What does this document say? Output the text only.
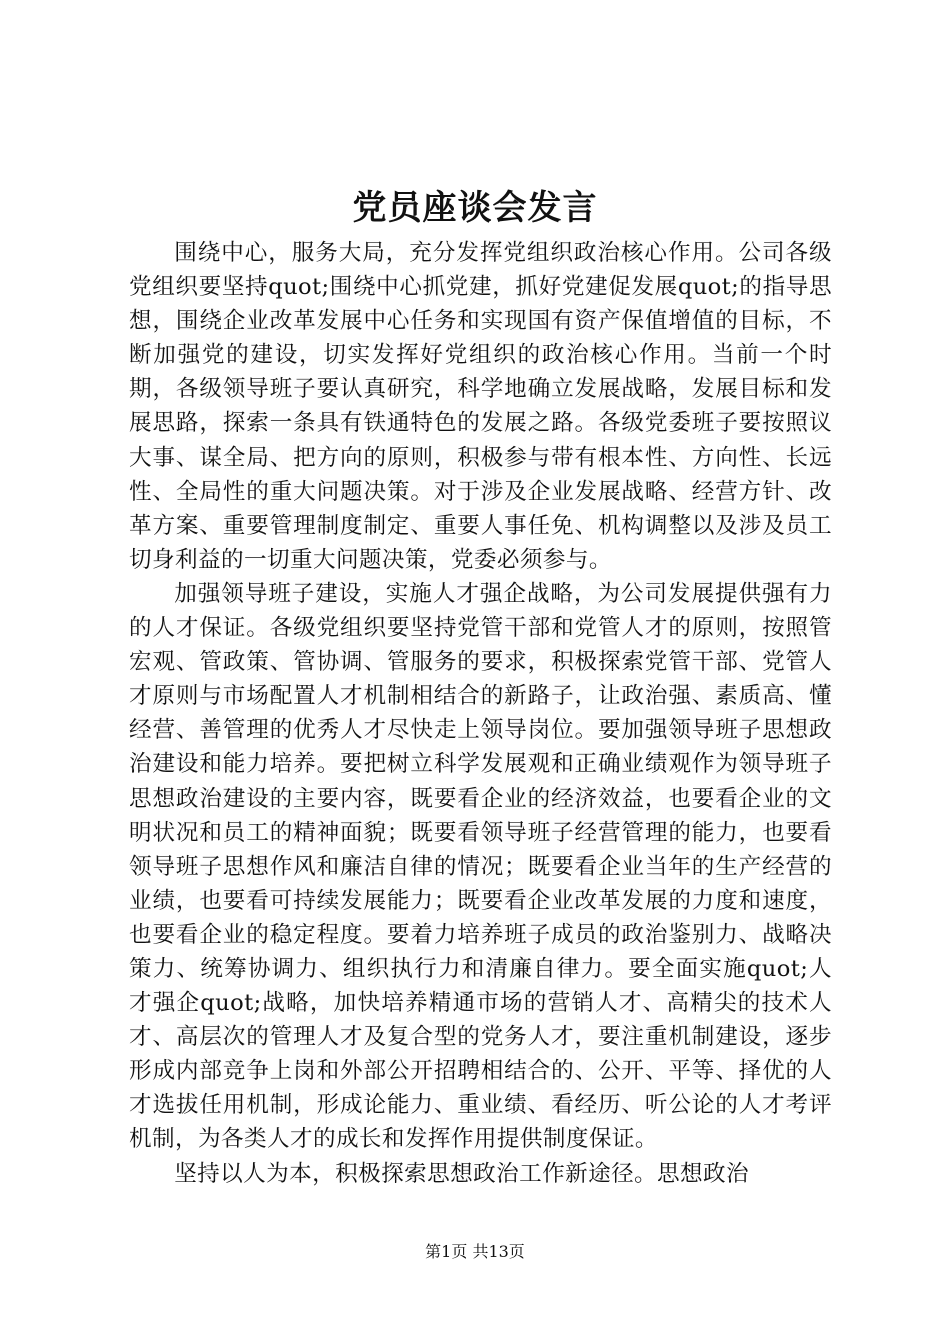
党员座谈会发言

围绕中心，服务大局，充分发挥党组织政治核心作用。公司各级党组织要坚持quot;围绕中心抓党建，抓好党建促发展quot;的指导思想，围绕企业改革发展中心任务和实现国有资产保值增值的目标，不断加强党的建设，切实发挥好党组织的政治核心作用。当前一个时期，各级领导班子要认真研究，科学地确立发展战略，发展目标和发展思路，探索一条具有铁通特色的发展之路。各级党委班子要按照议大事、谋全局、把方向的原则，积极参与带有根本性、方向性、长远性、全局性的重大问题决策。对于涉及企业发展战略、经营方针、改革方案、重要管理制度制定、重要人事任免、机构调整以及涉及员工切身利益的一切重大问题决策，党委必须参与。

加强领导班子建设，实施人才强企战略，为公司发展提供强有力的人才保证。各级党组织要坚持党管干部和党管人才的原则，按照管宏观、管政策、管协调、管服务的要求，积极探索党管干部、党管人才原则与市场配置人才机制相结合的新路子，让政治强、素质高、懂经营、善管理的优秀人才尽快走上领导岗位。要加强领导班子思想政治建设和能力培养。要把树立科学发展观和正确业绩观作为领导班子思想政治建设的主要内容，既要看企业的经济效益，也要看企业的文明状况和员工的精神面貌；既要看领导班子经营管理的能力，也要看领导班子思想作风和廉洁自律的情况；既要看企业当年的生产经营的业绩，也要看可持续发展能力；既要看企业改革发展的力度和速度，也要看企业的稳定程度。要着力培养班子成员的政治鉴别力、战略决策力、统筹协调力、组织执行力和清廉自律力。要全面实施quot;人才强企quot;战略，加快培养精通市场的营销人才、高精尖的技术人才、高层次的管理人才及复合型的党务人才，要注重机制建设，逐步形成内部竞争上岗和外部公开招聘相结合的、公开、平等、择优的人才选拔任用机制，形成论能力、重业绩、看经历、听公论的人才考评机制，为各类人才的成长和发挥作用提供制度保证。

坚持以人为本，积极探索思想政治工作新途径。思想政治

第1页 共13页
